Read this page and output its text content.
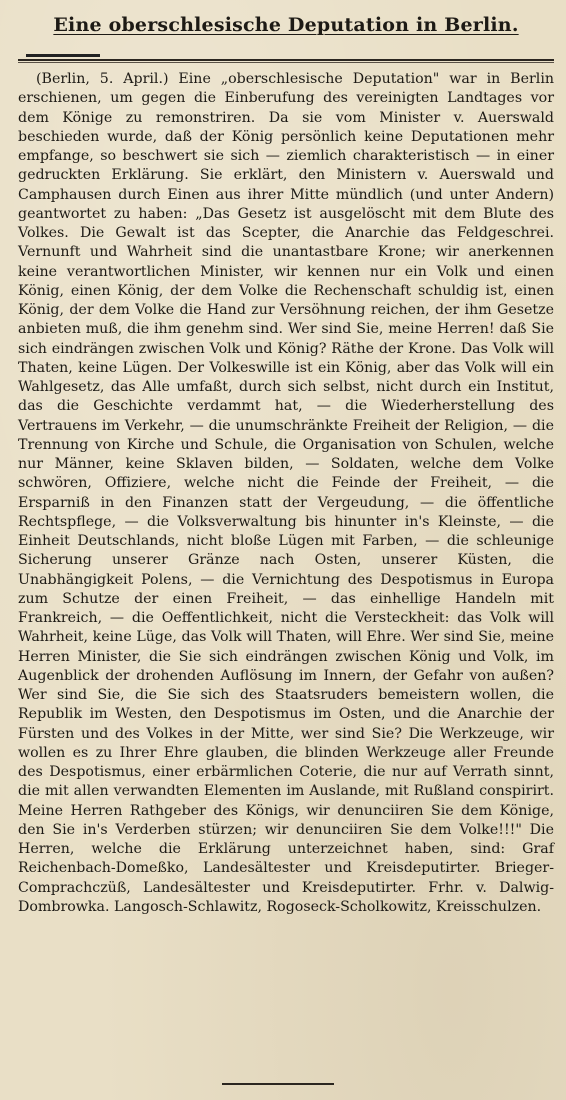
Eine oberschlesische Deputation in Berlin.

(Berlin, 5. April.) Eine „oberschlesische Deputation" war in Berlin erschienen, um gegen die Einberufung des vereinigten Landtages vor dem Könige zu remonstriren. Da sie vom Minister v. Auerswald beschieden wurde, daß der König persönlich keine Deputationen mehr empfange, so beschwert sie sich — ziemlich charakteristisch — in einer gedruckten Erklärung. Sie erklärt, den Ministern v. Auerswald und Camphausen durch Einen aus ihrer Mitte mündlich (und unter Andern) geantwortet zu haben: „Das Gesetz ist ausgelöscht mit dem Blute des Volkes. Die Gewalt ist das Scepter, die Anarchie das Feldgeschrei. Vernunft und Wahrheit sind die unantastbare Krone; wir anerkennen keine verantwortlichen Minister, wir kennen nur ein Volk und einen König, einen König, der dem Volke die Rechenschaft schuldig ist, einen König, der dem Volke die Hand zur Versöhnung reichen, der ihm Gesetze anbieten muß, die ihm genehm sind. Wer sind Sie, meine Herren! daß Sie sich eindrängen zwischen Volk und König? Räthe der Krone. Das Volk will Thaten, keine Lügen. Der Volkeswille ist ein König, aber das Volk will ein Wahlgesetz, das Alle umfaßt, durch sich selbst, nicht durch ein Institut, das die Geschichte verdammt hat, — die Wiederherstellung des Vertrauens im Verkehr, — die unumschränkte Freiheit der Religion, — die Trennung von Kirche und Schule, die Organisation von Schulen, welche nur Männer, keine Sklaven bilden, — Soldaten, welche dem Volke schwören, Offiziere, welche nicht die Feinde der Freiheit, — die Ersparniß in den Finanzen statt der Vergeudung, — die öffentliche Rechtspflege, — die Volksverwaltung bis hinunter in's Kleinste, — die Einheit Deutschlands, nicht bloße Lügen mit Farben, — die schleunige Sicherung unserer Gränze nach Osten, unserer Küsten, die Unabhängigkeit Polens, — die Vernichtung des Despotismus in Europa zum Schutze der einen Freiheit, — das einhellige Handeln mit Frankreich, — die Oeffentlichkeit, nicht die Versteckheit: das Volk will Wahrheit, keine Lüge, das Volk will Thaten, will Ehre. Wer sind Sie, meine Herren Minister, die Sie sich eindrängen zwischen König und Volk, im Augenblick der drohenden Auflösung im Innern, der Gefahr von außen? Wer sind Sie, die Sie sich des Staatsruders bemeistern wollen, die Republik im Westen, den Despotismus im Osten, und die Anarchie der Fürsten und des Volkes in der Mitte, wer sind Sie? Die Werkzeuge, wir wollen es zu Ihrer Ehre glauben, die blinden Werkzeuge aller Freunde des Despotismus, einer erbärmlichen Coterie, die nur auf Verrath sinnt, die mit allen verwandten Elementen im Auslande, mit Rußland conspirirt. Meine Herren Rathgeber des Königs, wir denunciiren Sie dem Könige, den Sie in's Verderben stürzen; wir denunciiren Sie dem Volke!!!" Die Herren, welche die Erklärung unterzeichnet haben, sind: Graf Reichenbach-Domeßko, Landesältester und Kreisdeputirter. Brieger-Comprachczüß, Landesältester und Kreisdeputirter. Frhr. v. Dalwig-Dombrowka. Langosch-Schlawitz, Rogoseck-Scholkowitz, Kreisschulzen.
